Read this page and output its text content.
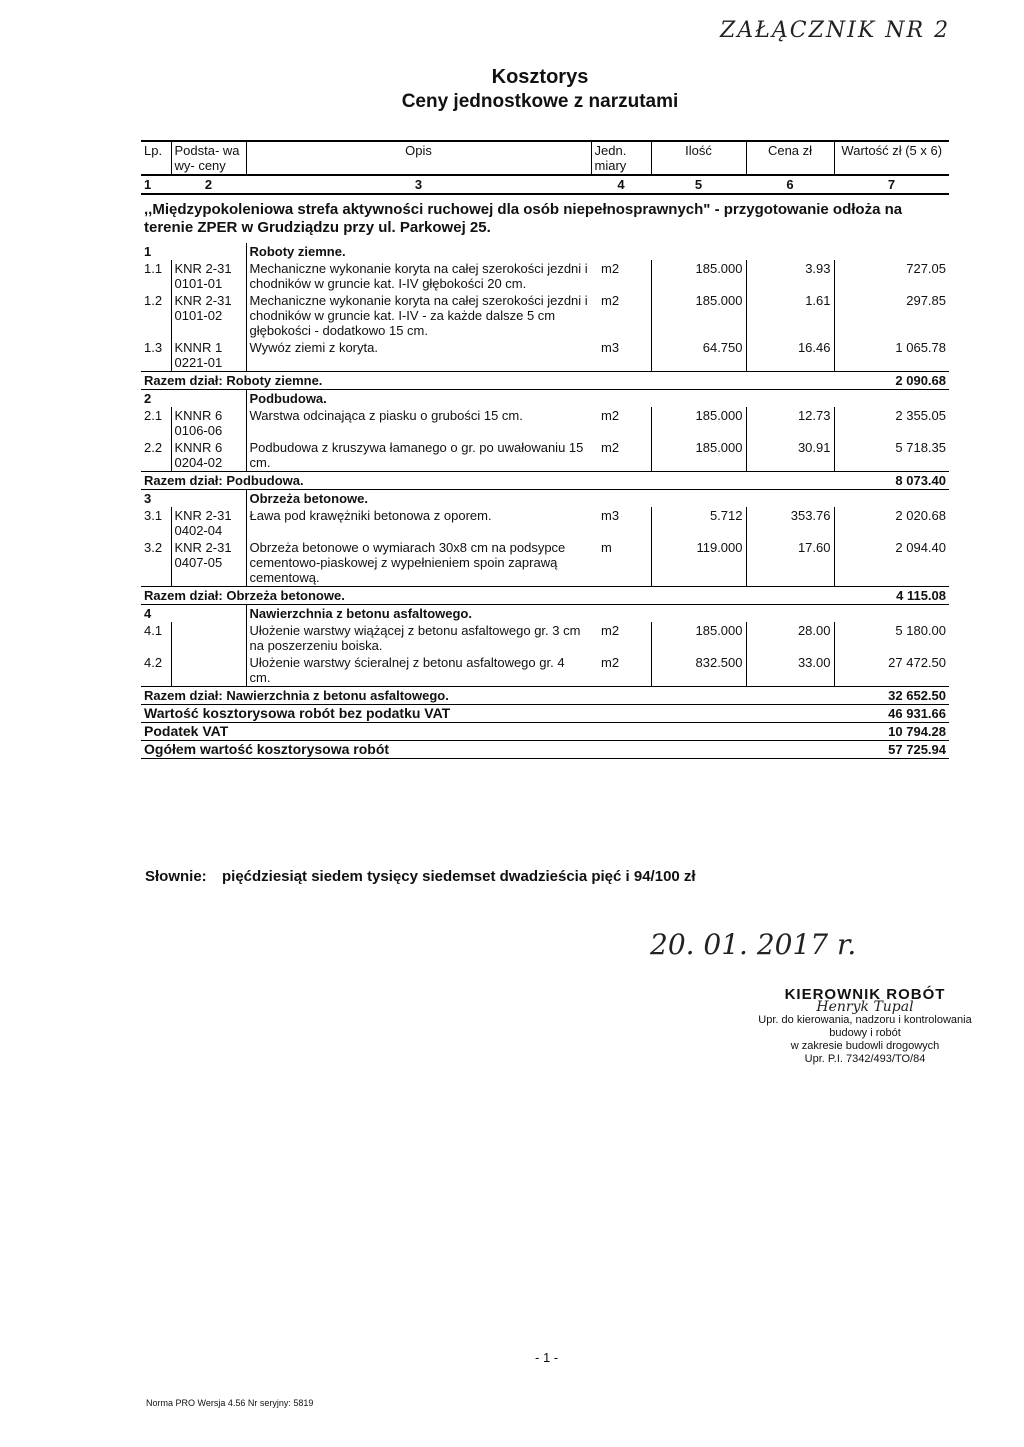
ZAŁĄCZNIK NR 2
Kosztorys
Ceny jednostkowe z narzutami
Lp.	Podsta- wa wy- ceny	Opis	Jedn. miary	Ilość	Cena zł	Wartość zł (5 x 6)
1	2	3	4	5	6	7
,,Międzypokoleniowa strefa aktywności ruchowej dla osób niepełnosprawnych" - przygotowanie odłoża na terenie ZPER w Grudziądzu przy ul. Parkowej 25.						
1		Roboty ziemne.				
1.1	KNR 2-31 0101-01	Mechaniczne wykonanie koryta na całej szerokości jezdni i chodników w gruncie kat. I-IV głębokości 20 cm.	m2	185.000	3.93	727.05
1.2	KNR 2-31 0101-02	Mechaniczne wykonanie koryta na całej szerokości jezdni i chodników w gruncie kat. I-IV - za każde dalsze 5 cm głębokości - dodatkowo 15 cm.	m2	185.000	1.61	297.85
1.3	KNNR 1 0221-01	Wywóz ziemi z koryta.	m3	64.750	16.46	1 065.78
Razem dział: Roboty ziemne.						2 090.68
2		Podbudowa.				
2.1	KNNR 6 0106-06	Warstwa odcinająca z piasku o grubości 15 cm.	m2	185.000	12.73	2 355.05
2.2	KNNR 6 0204-02	Podbudowa z kruszywa łamanego o gr. po uwałowaniu 15 cm.	m2	185.000	30.91	5 718.35
Razem dział: Podbudowa.						8 073.40
3		Obrzeża betonowe.				
3.1	KNR 2-31 0402-04	Ława pod krawężniki betonowa z oporem.	m3	5.712	353.76	2 020.68
3.2	KNR 2-31 0407-05	Obrzeża betonowe o wymiarach 30x8 cm na podsypce cementowo-piaskowej z wypełnieniem spoin zaprawą cementową.	m	119.000	17.60	2 094.40
Razem dział: Obrzeża betonowe.						4 115.08
4		Nawierzchnia z betonu asfaltowego.				
4.1		Ułożenie warstwy wiążącej z betonu asfaltowego gr. 3 cm na poszerzeniu boiska.	m2	185.000	28.00	5 180.00
4.2		Ułożenie warstwy ścieralnej z betonu asfaltowego gr. 4 cm.	m2	832.500	33.00	27 472.50
Razem dział: Nawierzchnia z betonu asfaltowego.						32 652.50
Wartość kosztorysowa robót bez podatku VAT						46 931.66
Podatek VAT						10 794.28
Ogółem wartość kosztorysowa robót						57 725.94
Słownie: pięćdziesiąt siedem tysięcy siedemset dwadzieścia pięć i 94/100 zł
20. 01. 2017 r.
KIEROWNIK ROBÓT
Henryk Tupal
Upr. do kierowania, nadzoru i kontrolowania budowy i robót
w zakresie budowli drogowych
Upr. P.I. 7342/493/TO/84
- 1 -
Norma PRO Wersja 4.56 Nr seryjny: 5819
